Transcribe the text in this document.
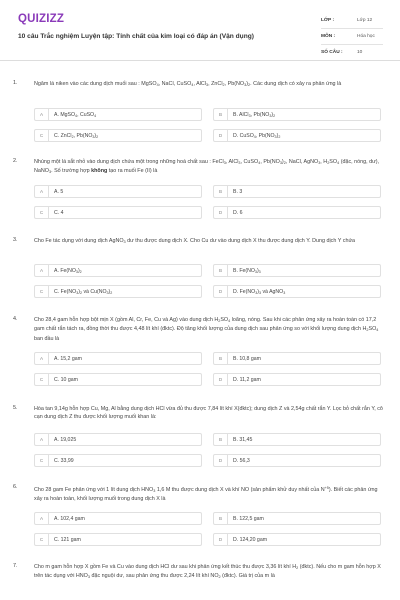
QUIZIZZ
10 câu Trắc nghiệm Luyện tập: Tính chất của kim loại có đáp án (Vận dụng)
LỚP :	Lớp 12
MÔN :	Hóa học
SỐ CÂU :	10
1.	Ngâm lá niken vào các dung dịch muối sau : MgSO$_4$, NaCl, CuSO$_4$, AlCl$_3$, ZnCl$_2$, $Pb(NO_3)_2$. Các dung dịch có xảy ra phản ứng là
A	A. MgSO$_4$, CuSO$_4$	B	B. AlCl$_3$, $Pb(NO_3)_2$
C	C. ZnCl$_2$, $Pb(NO_3)_2$	D	D. CuSO$_4$, $Pb(NO_3)_2$
2.	Nhúng một lá sắt nhỏ vào dung dịch chứa một trong những hoá chất sau : FeCl$_3$, AlCl$_3$, CuSO$_4$, $Pb(NO_3)_2$, NaCl, AgNO$_3$, $H_2SO_4$ (đặc, nóng, dư), NaNO$_3$. Số trường hợp không tạo ra muối Fe (II) là
A	A. 5	B	B. 3
C	C. 4	D	D. 6
3.	Cho Fe tác dụng với dung dịch AgNO$_3$ dư thu được dung dịch X. Cho Cu dư vào dung dịch X thu được dung dịch Y. Dung dịch Y chứa
A	A. $Fe(NO_3)_2$	B	B. $Fe(NO_3)_3$
C	C. $Fe(NO_3)_2$ và $Cu(NO_3)_2$	D	D. $Fe(NO_3)_3$ và AgNO$_3$
4.	Cho 28,4 gam hỗn hợp bột mịn X (gồm Al, Cr, Fe, Cu và Ag) vào dung dịch $H_2SO_4$ loãng, nóng. Sau khi các phản ứng xảy ra hoàn toàn có 17,2 gam chất rắn tách ra, đồng thời thu được 4,48 lít khí (đktc). Độ tăng khối lượng của dung dịch sau phản ứng so với khối lượng dung dịch $H_2SO_4$ ban đầu là
A	A. 15,2 gam	B	B. 10,8 gam
C	C. 10 gam	D	D. 11,2 gam
5.	Hòa tan 9,14g hỗn hợp Cu, Mg, Al bằng dung dịch HCl vừa đủ thu được 7,84 lít khí X(đktc); dung dịch Z và 2,54g chất rắn Y. Lọc bỏ chất rắn Y, cô cạn dung dịch Z thu được khối lượng muối khan là:
A	A. 19,025	B	B. 31,45
C	C. 33,99	D	D. 56,3
6.	Cho 28 gam Fe phản ứng với 1 lít dung dịch $HNO_3$ 1,6 M thu được dung dịch X và khí NO (sản phẩm khử duy nhất của $N^{+5}$). Biết các phản ứng xảy ra hoàn toàn, khối lượng muối trong dung dịch X là
A	A. 102,4 gam	B	B. 122,5 gam
C	C. 121 gam	D	D. 124,20 gam
7.	Cho m gam hỗn hợp X gồm Fe và Cu vào dung dịch HCl dư sau khi phản ứng kết thúc thu được 3,36 lít khí $H_2$ (đktc). Nếu cho m gam hỗn hợp X trên tác dụng với $HNO_3$ đặc nguội dư, sau phản ứng thu được 2,24 lít khí $NO_2$ (đktc). Giá trị của m là
